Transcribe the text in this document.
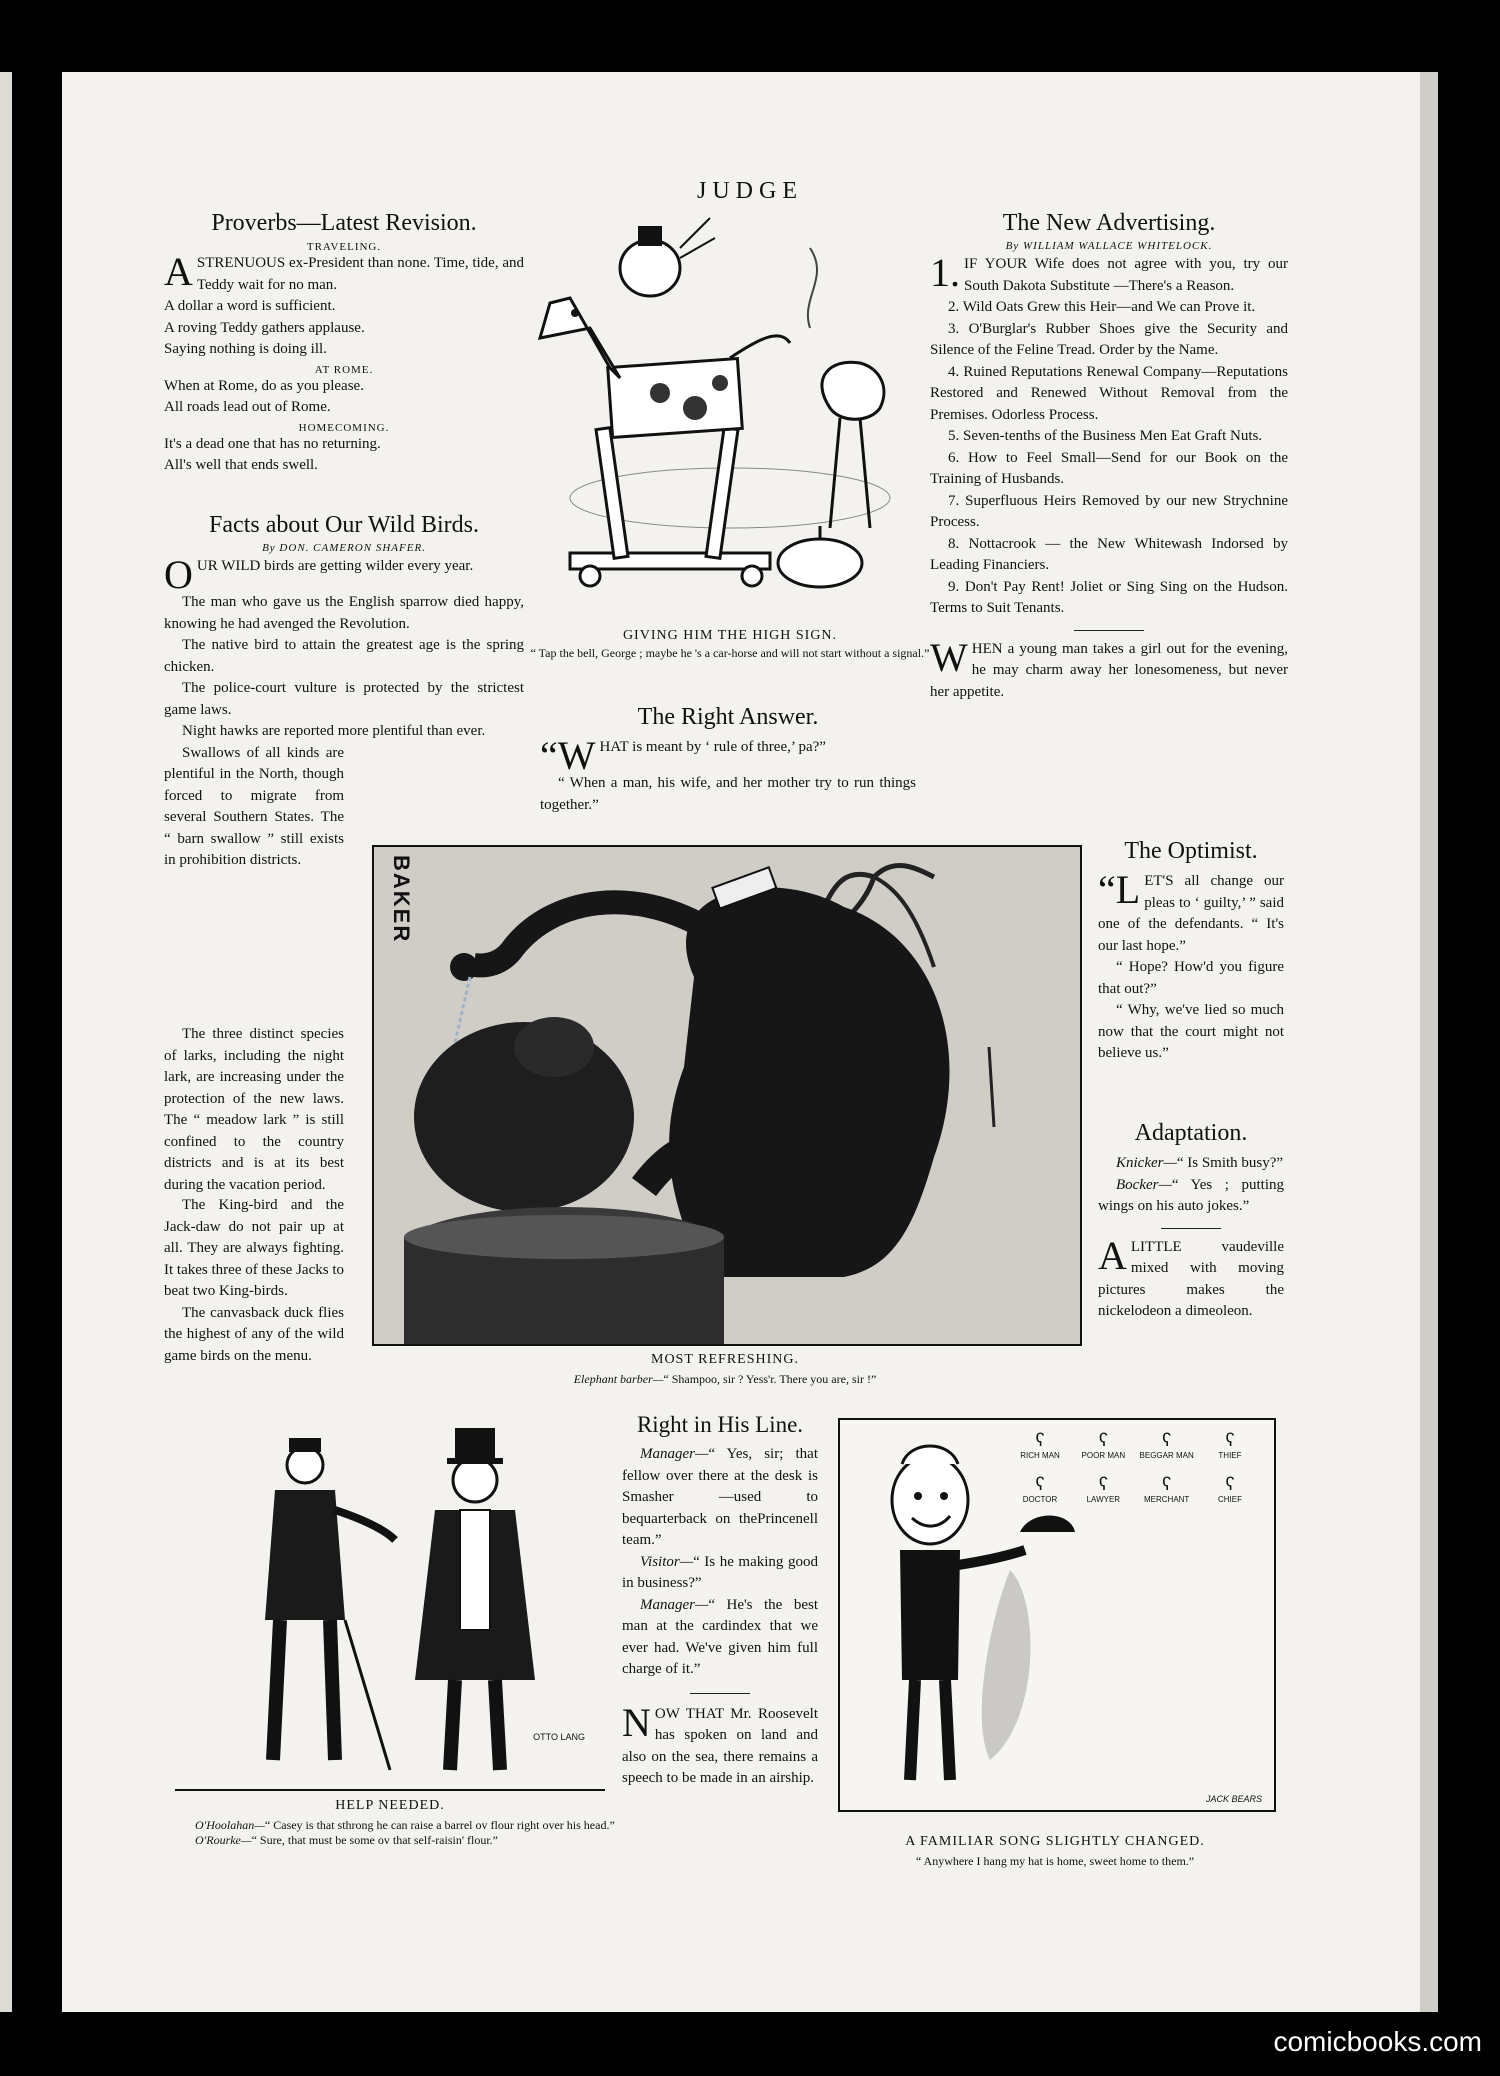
JUDGE
Proverbs—Latest Revision.
TRAVELING.

ASTRENUOUS ex-President than none. Time, tide, and Teddy wait for no man.

A dollar a word is sufficient.

A roving Teddy gathers applause.

Saying nothing is doing ill.

AT ROME.

When at Rome, do as you please.

All roads lead out of Rome.

HOMECOMING.

It's a dead one that has no returning.

All's well that ends swell.

Facts about Our Wild Birds.
By DON. CAMERON SHAFER.

OUR WILD birds are getting wilder every year.

The man who gave us the English sparrow died happy, knowing he had avenged the Revolution.

The native bird to attain the greatest age is the spring chicken.

The police-court vulture is protected by the strictest game laws.

Night hawks are reported more plentiful than ever.

Swallows of all kinds are plentiful in the North, though forced to migrate from several Southern States. The “ barn swallow ” still exists in prohibition districts.

The three distinct species of larks, including the night lark, are increasing under the protection of the new laws. The “ meadow lark ” is still confined to the country districts and is at its best during the vacation period.

The King-bird and the Jack-daw do not pair up at all. They are always fighting. It takes three of these Jacks to beat two King-birds.

The canvasback duck flies the highest of any of the wild game birds on the menu.

GIVING HIM THE HIGH SIGN.
“ Tap the bell, George ; maybe he 's a car-horse and will not start without a signal.”
The Right Answer.

“WHAT is meant by ‘ rule of three,’ pa?”

“ When a man, his wife, and her mother try to run things together.”

The New Advertising.
By WILLIAM WALLACE WHITELOCK.

1. IF YOUR Wife does not agree with you, try our South Dakota Substitute —There's a Reason.

2. Wild Oats Grew this Heir—and We can Prove it.

3. O'Burglar's Rubber Shoes give the Security and Silence of the Feline Tread. Order by the Name.

4. Ruined Reputations Renewal Company—Reputations Restored and Renewed Without Removal from the Premises. Odorless Process.

5. Seven-tenths of the Business Men Eat Graft Nuts.

6. How to Feel Small—Send for our Book on the Training of Husbands.

7. Superfluous Heirs Removed by our new Strychnine Process.

8. Nottacrook — the New Whitewash Indorsed by Leading Financiers.

9. Don't Pay Rent! Joliet or Sing Sing on the Hudson. Terms to Suit Tenants.

WHEN a young man takes a girl out for the evening, he may charm away her lonesomeness, but never her appetite.

BAKER
MOST REFRESHING.
Elephant barber—“ Shampoo, sir ? Yess'r. There you are, sir !”
The Optimist.

“LET'S all change our pleas to ‘ guilty,’ ” said one of the defendants. “ It's our last hope.”

“ Hope? How'd you figure that out?”

“ Why, we've lied so much now that the court might not believe us.”

Adaptation.

Knicker—“ Is Smith busy?”

Bocker—“ Yes ; putting wings on his auto jokes.”

ALITTLE vaudeville mixed with moving pictures makes the nickelodeon a dimeoleon.

OTTO LANG
HELP NEEDED.
O'Hoolahan—“ Casey is that sthrong he can raise a barrel ov flour right over his head.”
O'Rourke—“ Sure, that must be some ov that self-raisin' flour.”
Right in His Line.

Manager—“ Yes, sir; that fellow over there at the desk is Smasher —used to bequarterback on thePrincenell team.”

Visitor—“ Is he making good in business?”

Manager—“ He's the best man at the cardindex that we ever had. We've given him full charge of it.”

NOW THAT Mr. Roosevelt has spoken on land and also on the sea, there remains a speech to be made in an airship.

ʕ
RICH MAN
ʕ
POOR MAN
ʕ
BEGGAR MAN
ʕ
THIEF
ʕ
DOCTOR
ʕ
LAWYER
ʕ
MERCHANT
ʕ
CHIEF
JACK BEARS
A FAMILIAR SONG SLIGHTLY CHANGED.
“ Anywhere I hang my hat is home, sweet home to them.”
comicbooks.com
